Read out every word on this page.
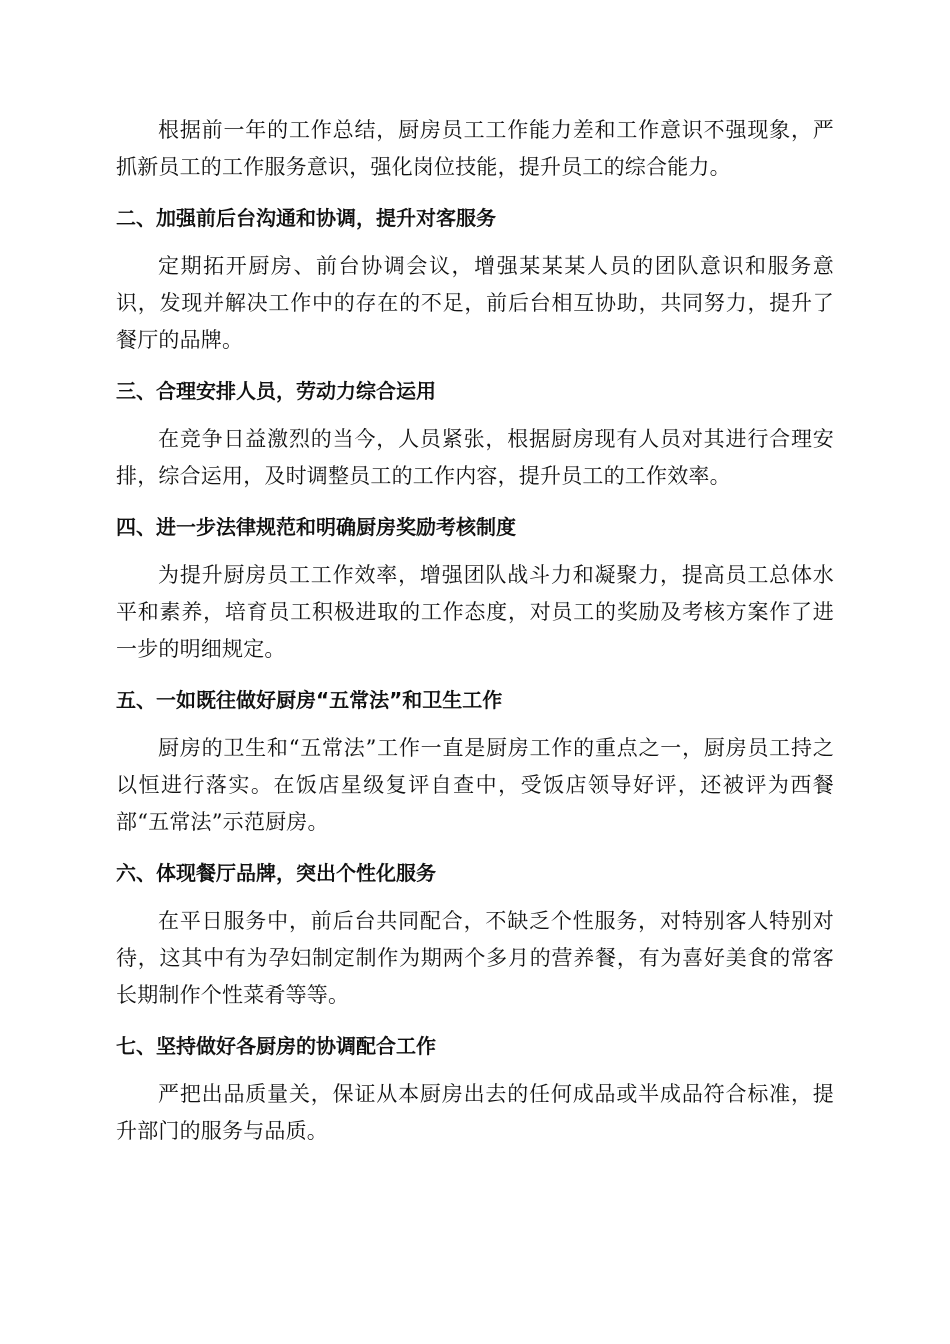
根据前一年的工作总结，厨房员工工作能力差和工作意识不强现象，严抓新员工的工作服务意识，强化岗位技能，提升员工的综合能力。

二、加强前后台沟通和协调，提升对客服务

定期拓开厨房、前台协调会议，增强某某某人员的团队意识和服务意识，发现并解决工作中的存在的不足，前后台相互协助，共同努力，提升了餐厅的品牌。

三、合理安排人员，劳动力综合运用

在竞争日益激烈的当今，人员紧张，根据厨房现有人员对其进行合理安排，综合运用，及时调整员工的工作内容，提升员工的工作效率。

四、进一步法律规范和明确厨房奖励考核制度

为提升厨房员工工作效率，增强团队战斗力和凝聚力，提高员工总体水平和素养，培育员工积极进取的工作态度，对员工的奖励及考核方案作了进一步的明细规定。

五、一如既往做好厨房“五常法”和卫生工作

厨房的卫生和“五常法”工作一直是厨房工作的重点之一，厨房员工持之以恒进行落实。在饭店星级复评自查中，受饭店领导好评，还被评为西餐部“五常法”示范厨房。

六、体现餐厅品牌，突出个性化服务

在平日服务中，前后台共同配合，不缺乏个性服务，对特别客人特别对待，这其中有为孕妇制定制作为期两个多月的营养餐，有为喜好美食的常客长期制作个性菜肴等等。

七、坚持做好各厨房的协调配合工作

严把出品质量关，保证从本厨房出去的任何成品或半成品符合标准，提升部门的服务与品质。
